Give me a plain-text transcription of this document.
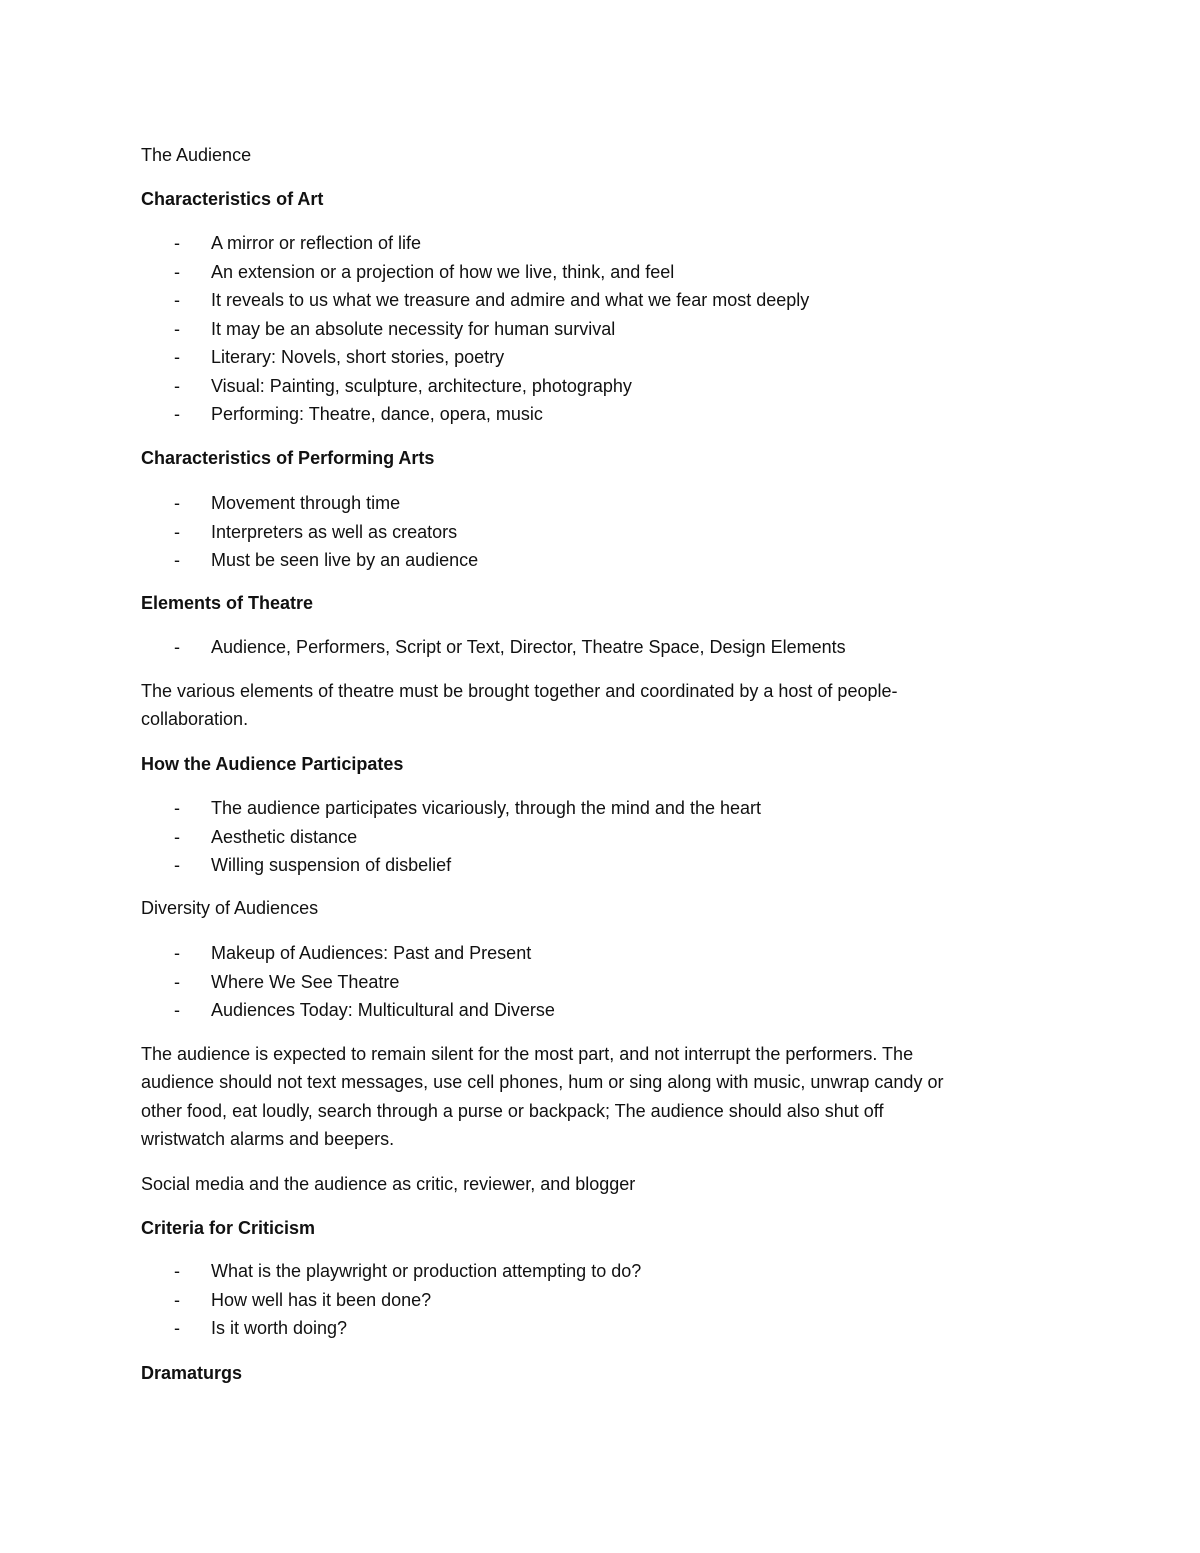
The Audience

Characteristics of Art

- A mirror or reflection of life
- An extension or a projection of how we live, think, and feel
- It reveals to us what we treasure and admire and what we fear most deeply
- It may be an absolute necessity for human survival
- Literary: Novels, short stories, poetry
- Visual: Painting, sculpture, architecture, photography
- Performing: Theatre, dance, opera, music

Characteristics of Performing Arts

- Movement through time
- Interpreters as well as creators
- Must be seen live by an audience

Elements of Theatre

- Audience, Performers, Script or Text, Director, Theatre Space, Design Elements

The various elements of theatre must be brought together and coordinated by a host of people-

collaboration.

How the Audience Participates

- The audience participates vicariously, through the mind and the heart
- Aesthetic distance
- Willing suspension of disbelief

Diversity of Audiences

- Makeup of Audiences: Past and Present
- Where We See Theatre
- Audiences Today: Multicultural and Diverse

The audience is expected to remain silent for the most part, and not interrupt the performers. The

audience should not text messages, use cell phones, hum or sing along with music, unwrap candy or

other food, eat loudly, search through a purse or backpack; The audience should also shut off

wristwatch alarms and beepers.

Social media and the audience as critic, reviewer, and blogger

Criteria for Criticism

- What is the playwright or production attempting to do?
- How well has it been done?
- Is it worth doing?

Dramaturgs
